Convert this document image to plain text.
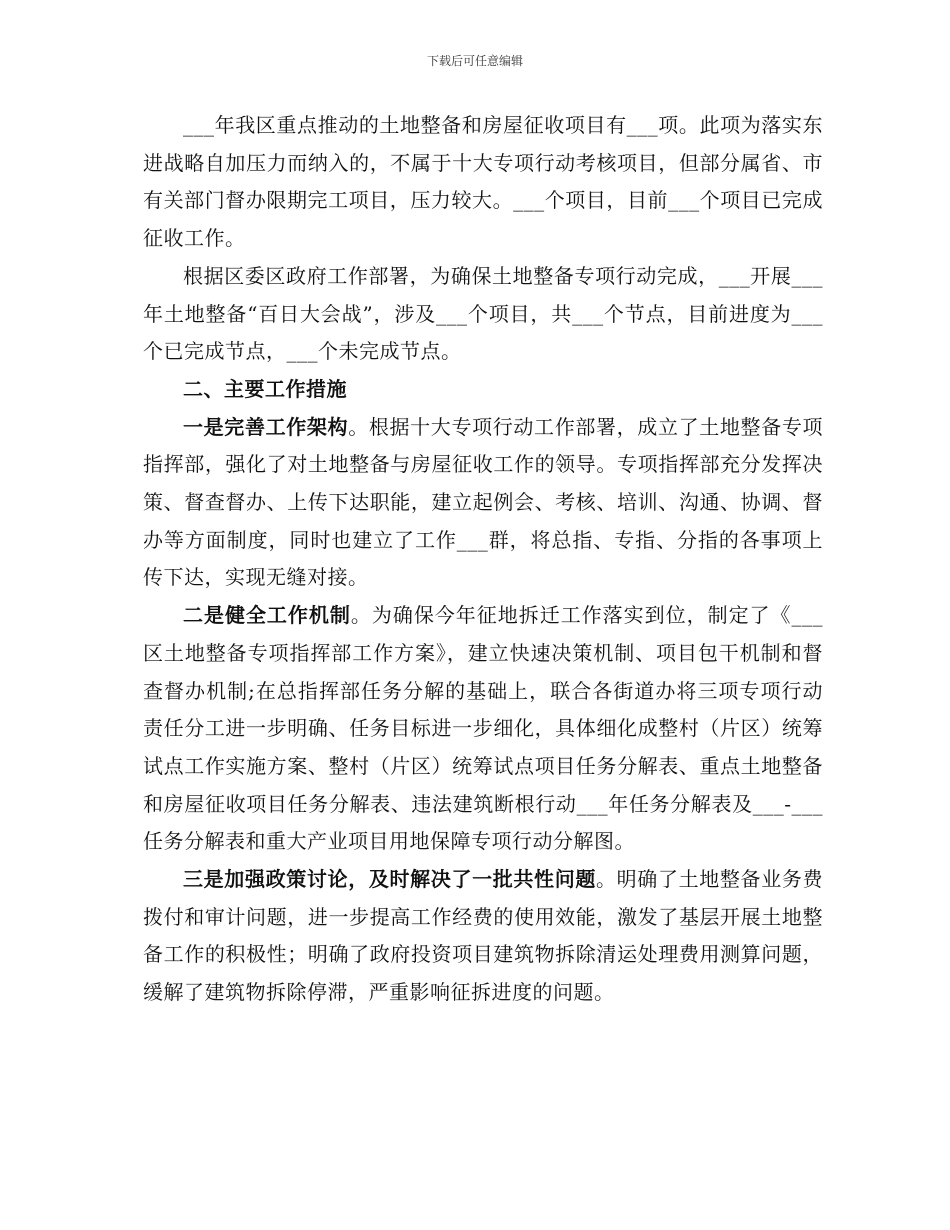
下载后可任意编辑

___年我区重点推动的土地整备和房屋征收项目有___项。此项为落实东进战略自加压力而纳入的，不属于十大专项行动考核项目，但部分属省、市有关部门督办限期完工项目，压力较大。___个项目，目前___个项目已完成征收工作。

根据区委区政府工作部署，为确保土地整备专项行动完成，___开展___年土地整备“百日大会战”，涉及___个项目，共___个节点，目前进度为___个已完成节点，___个未完成节点。

二、主要工作措施

一是完善工作架构。根据十大专项行动工作部署，成立了土地整备专项指挥部，强化了对土地整备与房屋征收工作的领导。专项指挥部充分发挥决策、督查督办、上传下达职能，建立起例会、考核、培训、沟通、协调、督办等方面制度，同时也建立了工作___群，将总指、专指、分指的各事项上传下达，实现无缝对接。

二是健全工作机制。为确保今年征地拆迁工作落实到位，制定了《___区土地整备专项指挥部工作方案》，建立快速决策机制、项目包干机制和督查督办机制;在总指挥部任务分解的基础上，联合各街道办将三项专项行动责任分工进一步明确、任务目标进一步细化，具体细化成整村（片区）统筹试点工作实施方案、整村（片区）统筹试点项目任务分解表、重点土地整备和房屋征收项目任务分解表、违法建筑断根行动___年任务分解表及___-___任务分解表和重大产业项目用地保障专项行动分解图。

三是加强政策讨论，及时解决了一批共性问题。明确了土地整备业务费拨付和审计问题，进一步提高工作经费的使用效能，激发了基层开展土地整备工作的积极性；明确了政府投资项目建筑物拆除清运处理费用测算问题，缓解了建筑物拆除停滞，严重影响征拆进度的问题。
